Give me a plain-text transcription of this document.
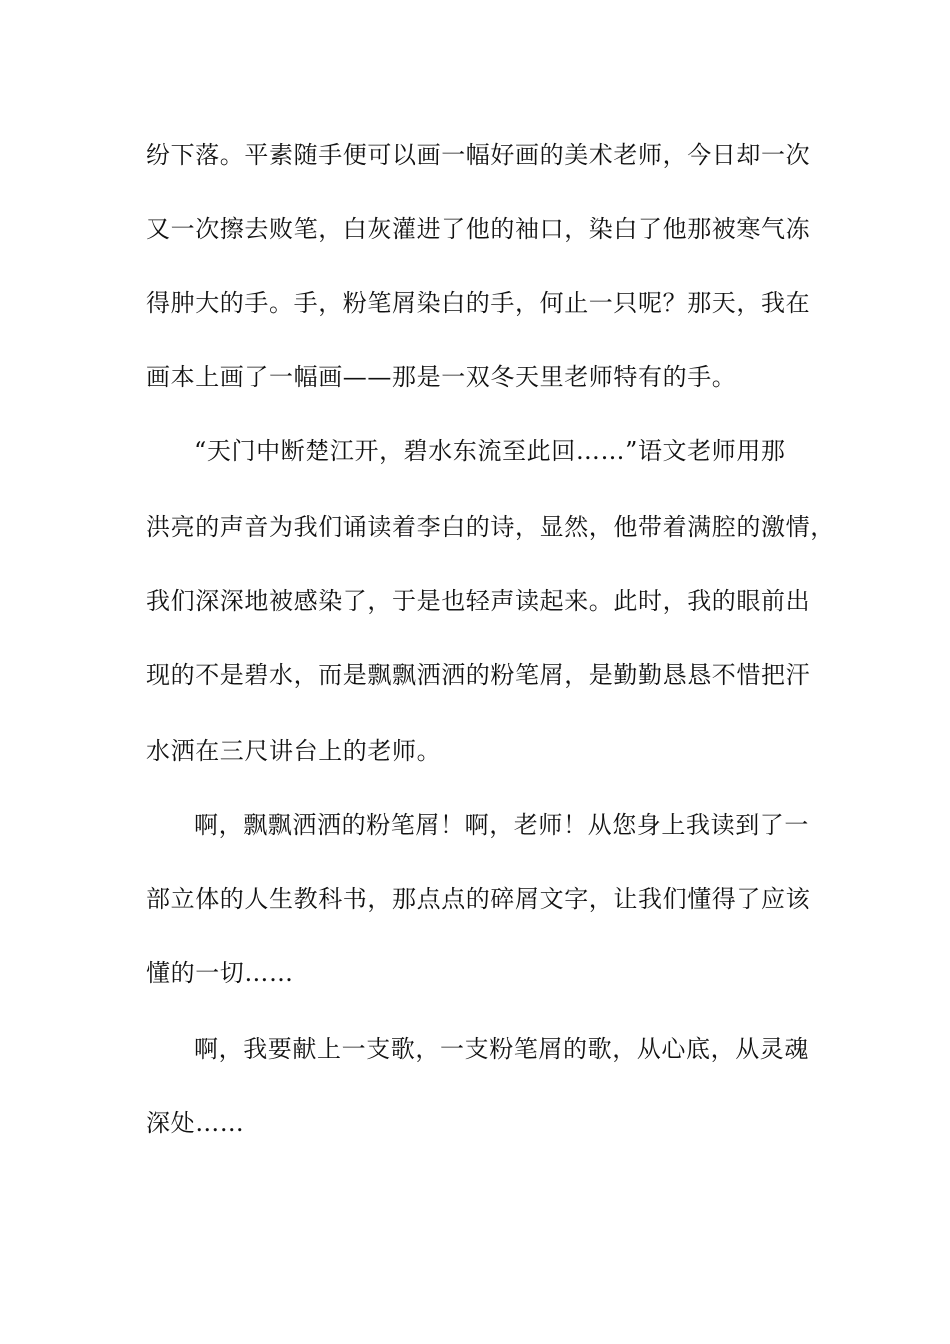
纷下落。平素随手便可以画一幅好画的美术老师，今日却一次
又一次擦去败笔，白灰灌进了他的袖口，染白了他那被寒气冻
得肿大的手。手，粉笔屑染白的手，何止一只呢？那天，我在
画本上画了一幅画——那是一双冬天里老师特有的手。
“天门中断楚江开，碧水东流至此回……”语文老师用那
洪亮的声音为我们诵读着李白的诗，显然，他带着满腔的激情，
我们深深地被感染了，于是也轻声读起来。此时，我的眼前出
现的不是碧水，而是飘飘洒洒的粉笔屑，是勤勤恳恳不惜把汗
水洒在三尺讲台上的老师。
啊，飘飘洒洒的粉笔屑！啊，老师！从您身上我读到了一
部立体的人生教科书，那点点的碎屑文字，让我们懂得了应该
懂的一切……
啊，我要献上一支歌，一支粉笔屑的歌，从心底，从灵魂
深处……
